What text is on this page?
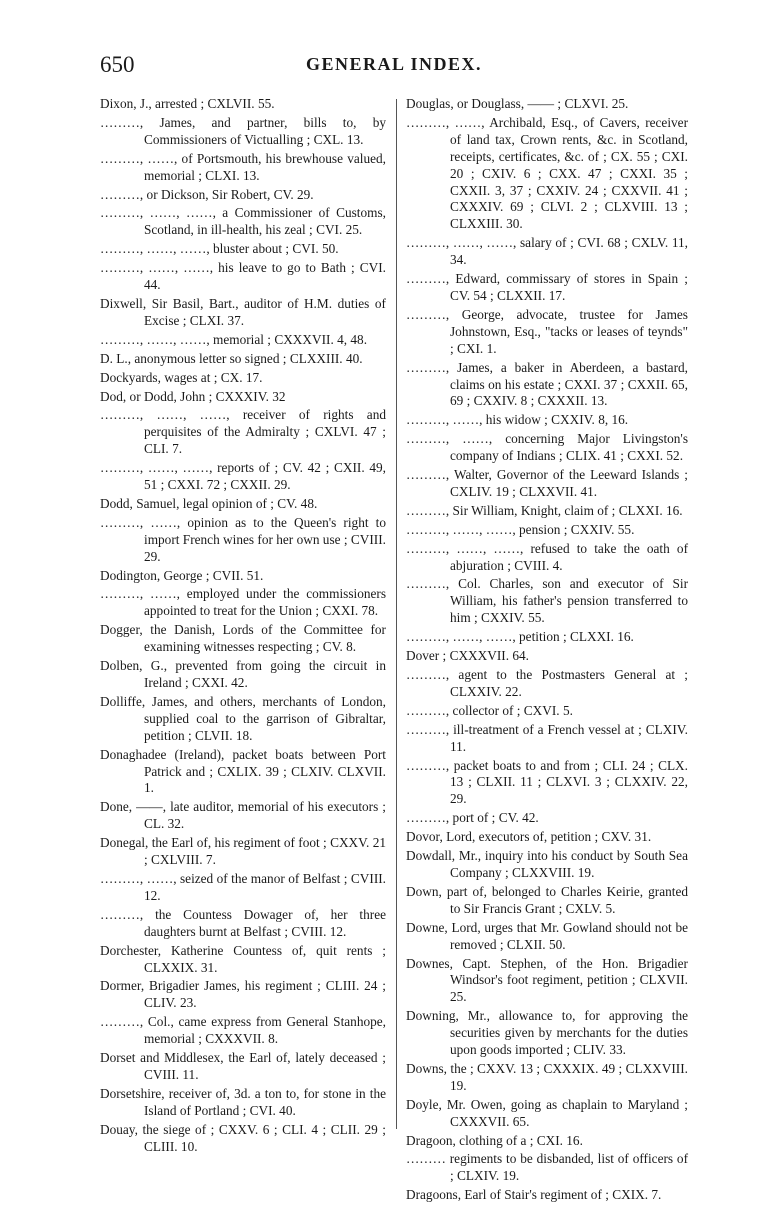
650	GENERAL INDEX.
Dixon, J., arrested ; CXLVII. 55.
………, James, and partner, bills to, by Commissioners of Victualling ; CXL. 13.
………, ……, of Portsmouth, his brewhouse valued, memorial ; CLXI. 13.
………, or Dickson, Sir Robert, CV. 29.
………, ……, ……, a Commissioner of Customs, Scotland, in ill-health, his zeal ; CVI. 25.
………, ……, ……, bluster about ; CVI. 50.
………, ……, ……, his leave to go to Bath ; CVI. 44.
Dixwell, Sir Basil, Bart., auditor of H.M. duties of Excise ; CLXI. 37.
………, ……, ……, memorial ; CXXXVII. 4, 48.
D. L., anonymous letter so signed ; CLXXIII. 40.
Dockyards, wages at ; CX. 17.
Dod, or Dodd, John ; CXXXIV. 32
………, ……, ……, receiver of rights and perquisites of the Admiralty ; CXLVI. 47 ; CLI. 7.
………, ……, ……, reports of ; CV. 42 ; CXII. 49, 51 ; CXXI. 72 ; CXXII. 29.
Dodd, Samuel, legal opinion of ; CV. 48.
………, ……, opinion as to the Queen's right to import French wines for her own use ; CVIII. 29.
Dodington, George ; CVII. 51.
………, ……, employed under the commissioners appointed to treat for the Union ; CXXI. 78.
Dogger, the Danish, Lords of the Committee for examining witnesses respecting ; CV. 8.
Dolben, G., prevented from going the circuit in Ireland ; CXXI. 42.
Dolliffe, James, and others, merchants of London, supplied coal to the garrison of Gibraltar, petition ; CLVII. 18.
Donaghadee (Ireland), packet boats between Port Patrick and ; CXLIX. 39 ; CLXIV. CLXVII. 1.
Done, ——, late auditor, memorial of his executors ; CL. 32.
Donegal, the Earl of, his regiment of foot ; CXXV. 21 ; CXLVIII. 7.
………, ……, seized of the manor of Belfast ; CVIII. 12.
………, the Countess Dowager of, her three daughters burnt at Belfast ; CVIII. 12.
Dorchester, Katherine Countess of, quit rents ; CLXXIX. 31.
Dormer, Brigadier James, his regiment ; CLIII. 24 ; CLIV. 23.
………, Col., came express from General Stanhope, memorial ; CXXXVII. 8.
Dorset and Middlesex, the Earl of, lately deceased ; CVIII. 11.
Dorsetshire, receiver of, 3d. a ton to, for stone in the Island of Portland ; CVI. 40.
Douay, the siege of ; CXXV. 6 ; CLI. 4 ; CLII. 29 ; CLIII. 10.
Douglas, or Douglass, —— ; CLXVI. 25.
………, ……, Archibald, Esq., of Cavers, receiver of land tax, Crown rents, &c. in Scotland, receipts, certificates, &c. of ; CX. 55 ; CXI. 20 ; CXIV. 6 ; CXX. 47 ; CXXI. 35 ; CXXII. 3, 37 ; CXXIV. 24 ; CXXVII. 41 ; CXXXIV. 69 ; CLVI. 2 ; CLXVIII. 13 ; CLXXIII. 30.
………, ……, ……, salary of ; CVI. 68 ; CXLV. 11, 34.
………, Edward, commissary of stores in Spain ; CV. 54 ; CLXXII. 17.
………, George, advocate, trustee for James Johnstown, Esq., "tacks or leases of teynds" ; CXI. 1.
………, James, a baker in Aberdeen, a bastard, claims on his estate ; CXXI. 37 ; CXXII. 65, 69 ; CXXIV. 8 ; CXXXII. 13.
………, ……, his widow ; CXXIV. 8, 16.
………, ……, concerning Major Livingston's company of Indians ; CLIX. 41 ; CXXI. 52.
………, Walter, Governor of the Leeward Islands ; CXLIV. 19 ; CLXXVII. 41.
………, Sir William, Knight, claim of ; CLXXI. 16.
………, ……, ……, pension ; CXXIV. 55.
………, ……, ……, refused to take the oath of abjuration ; CVIII. 4.
………, Col. Charles, son and executor of Sir William, his father's pension transferred to him ; CXXIV. 55.
………, ……, ……, petition ; CLXXI. 16.
Dover ; CXXXVII. 64.
………, agent to the Postmasters General at ; CLXXIV. 22.
………, collector of ; CXVI. 5.
………, ill-treatment of a French vessel at ; CLXIV. 11.
………, packet boats to and from ; CLI. 24 ; CLX. 13 ; CLXII. 11 ; CLXVI. 3 ; CLXXIV. 22, 29.
………, port of ; CV. 42.
Dovor, Lord, executors of, petition ; CXV. 31.
Dowdall, Mr., inquiry into his conduct by South Sea Company ; CLXXVIII. 19.
Down, part of, belonged to Charles Keirie, granted to Sir Francis Grant ; CXLV. 5.
Downe, Lord, urges that Mr. Gowland should not be removed ; CLXII. 50.
Downes, Capt. Stephen, of the Hon. Brigadier Windsor's foot regiment, petition ; CLXVII. 25.
Downing, Mr., allowance to, for approving the securities given by merchants for the duties upon goods imported ; CLIV. 33.
Downs, the ; CXXV. 13 ; CXXXIX. 49 ; CLXXVIII. 19.
Doyle, Mr. Owen, going as chaplain to Maryland ; CXXXVII. 65.
Dragoon, clothing of a ; CXI. 16.
……… regiments to be disbanded, list of officers of ; CLXIV. 19.
Dragoons, Earl of Stair's regiment of ; CXIX. 7.
